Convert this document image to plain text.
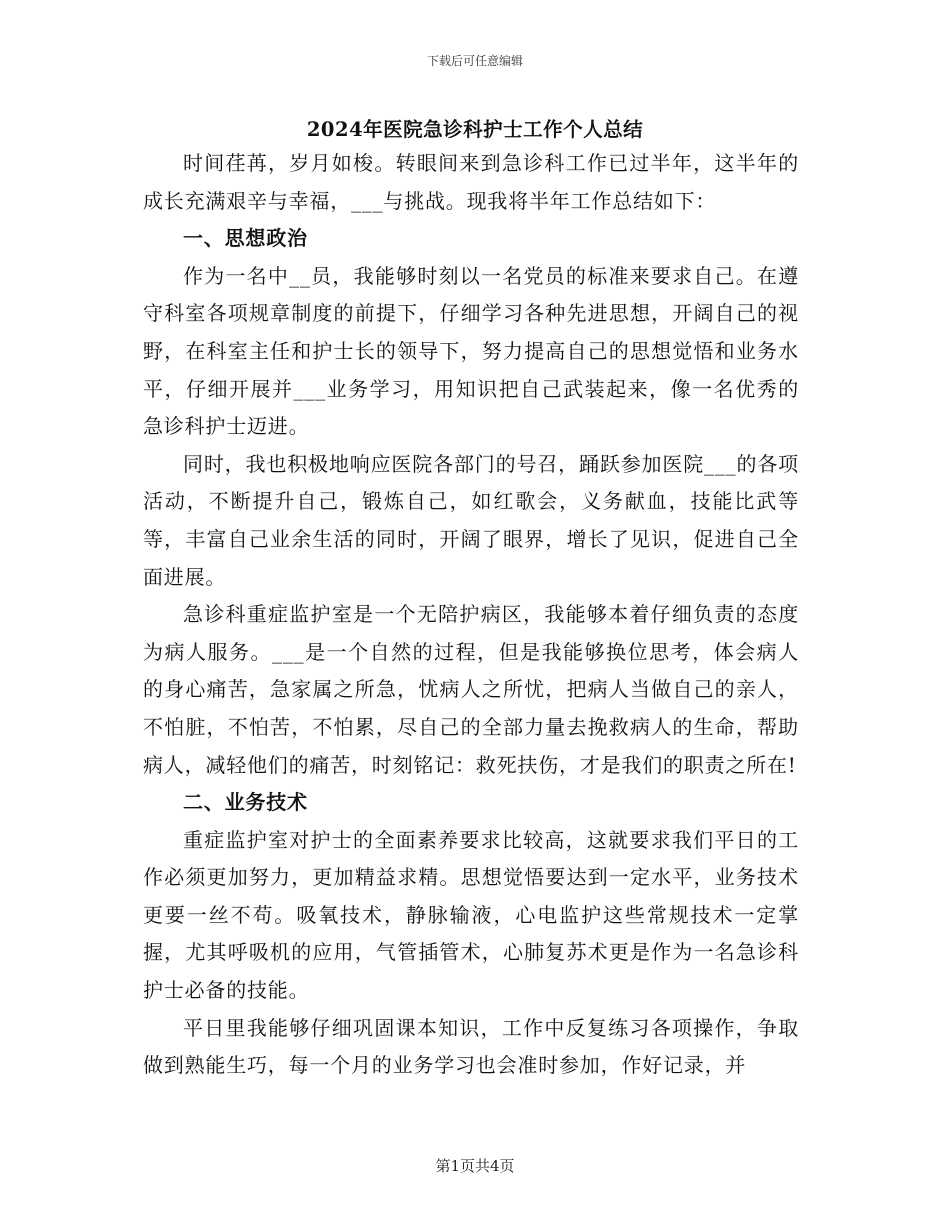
下载后可任意编辑
2024年医院急诊科护士工作个人总结

时间荏苒，岁月如梭。转眼间来到急诊科工作已过半年，这半年的成长充满艰辛与幸福，___与挑战。现我将半年工作总结如下：

一、思想政治

作为一名中__员，我能够时刻以一名党员的标准来要求自己。在遵守科室各项规章制度的前提下，仔细学习各种先进思想，开阔自己的视野，在科室主任和护士长的领导下，努力提高自己的思想觉悟和业务水平，仔细开展并___业务学习，用知识把自己武装起来，像一名优秀的急诊科护士迈进。

同时，我也积极地响应医院各部门的号召，踊跃参加医院___的各项活动，不断提升自己，锻炼自己，如红歌会，义务献血，技能比武等等，丰富自己业余生活的同时，开阔了眼界，增长了见识，促进自己全面进展。

急诊科重症监护室是一个无陪护病区，我能够本着仔细负责的态度为病人服务。___是一个自然的过程，但是我能够换位思考，体会病人的身心痛苦，急家属之所急，忧病人之所忧，把病人当做自己的亲人，不怕脏，不怕苦，不怕累，尽自己的全部力量去挽救病人的生命，帮助病人，减轻他们的痛苦，时刻铭记：救死扶伤，才是我们的职责之所在!

二、业务技术

重症监护室对护士的全面素养要求比较高，这就要求我们平日的工作必须更加努力，更加精益求精。思想觉悟要达到一定水平，业务技术更要一丝不苟。吸氧技术，静脉输液，心电监护这些常规技术一定掌握，尤其呼吸机的应用，气管插管术，心肺复苏术更是作为一名急诊科护士必备的技能。

平日里我能够仔细巩固课本知识，工作中反复练习各项操作，争取做到熟能生巧，每一个月的业务学习也会准时参加，作好记录，并

第1页共4页
